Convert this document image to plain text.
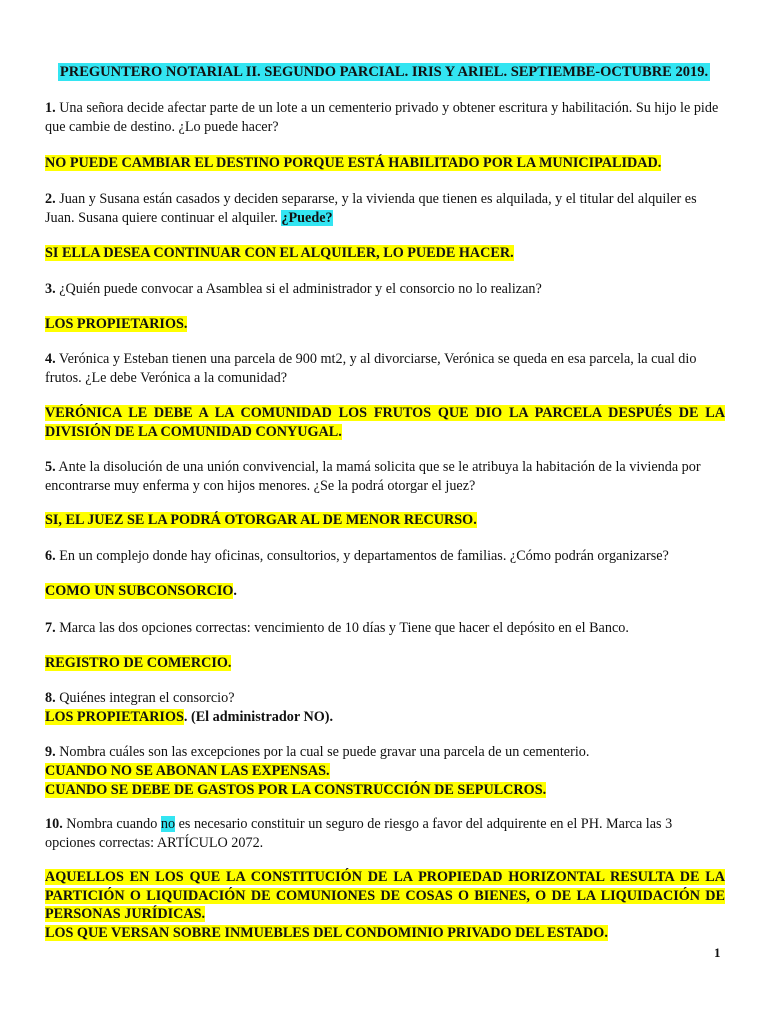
PREGUNTERO NOTARIAL II. SEGUNDO PARCIAL. IRIS Y ARIEL. SEPTIEMBE-OCTUBRE 2019.
1. Una señora decide afectar parte de un lote a un cementerio privado y obtener escritura y habilitación. Su hijo le pide que cambie de destino. ¿Lo puede hacer?
NO PUEDE CAMBIAR EL DESTINO PORQUE ESTÁ HABILITADO POR LA MUNICIPALIDAD.
2. Juan y Susana están casados y deciden separarse, y la vivienda que tienen es alquilada, y el titular del alquiler es Juan. Susana quiere continuar el alquiler. ¿Puede?
SI ELLA DESEA CONTINUAR CON EL ALQUILER, LO PUEDE HACER.
3. ¿Quién puede convocar a Asamblea si el administrador y el consorcio no lo realizan?
LOS PROPIETARIOS.
4. Verónica y Esteban tienen una parcela de 900 mt2, y al divorciarse, Verónica se queda en esa parcela, la cual dio frutos. ¿Le debe Verónica a la comunidad?
VERÓNICA LE DEBE A LA COMUNIDAD LOS FRUTOS QUE DIO LA PARCELA DESPUÉS DE LA DIVISIÓN DE LA COMUNIDAD CONYUGAL.
5. Ante la disolución de una unión convivencial, la mamá solicita que se le atribuya la habitación de la vivienda por encontrarse muy enferma y con hijos menores. ¿Se la podrá otorgar el juez?
SI, EL JUEZ SE LA PODRÁ OTORGAR AL DE MENOR RECURSO.
6. En un complejo donde hay oficinas, consultorios, y departamentos de familias. ¿Cómo podrán organizarse?
COMO UN SUBCONSORCIO.
7. Marca las dos opciones correctas: vencimiento de 10 días y Tiene que hacer el depósito en el Banco.
REGISTRO DE COMERCIO.
8. Quiénes integran el consorcio?
LOS PROPIETARIOS. (El administrador NO).
9. Nombra cuáles son las excepciones por la cual se puede gravar una parcela de un cementerio.
CUANDO NO SE ABONAN LAS EXPENSAS.
CUANDO SE DEBE DE GASTOS POR LA CONSTRUCCIÓN DE SEPULCROS.
10. Nombra cuando no es necesario constituir un seguro de riesgo a favor del adquirente en el PH. Marca las 3 opciones correctas: ARTÍCULO 2072.
AQUELLOS EN LOS QUE LA CONSTITUCIÓN DE LA PROPIEDAD HORIZONTAL RESULTA DE LA PARTICIÓN O LIQUIDACIÓN DE COMUNIONES DE COSAS O BIENES, O DE LA LIQUIDACIÓN DE PERSONAS JURÍDICAS.
LOS QUE VERSAN SOBRE INMUEBLES DEL CONDOMINIO PRIVADO DEL ESTADO.
1
